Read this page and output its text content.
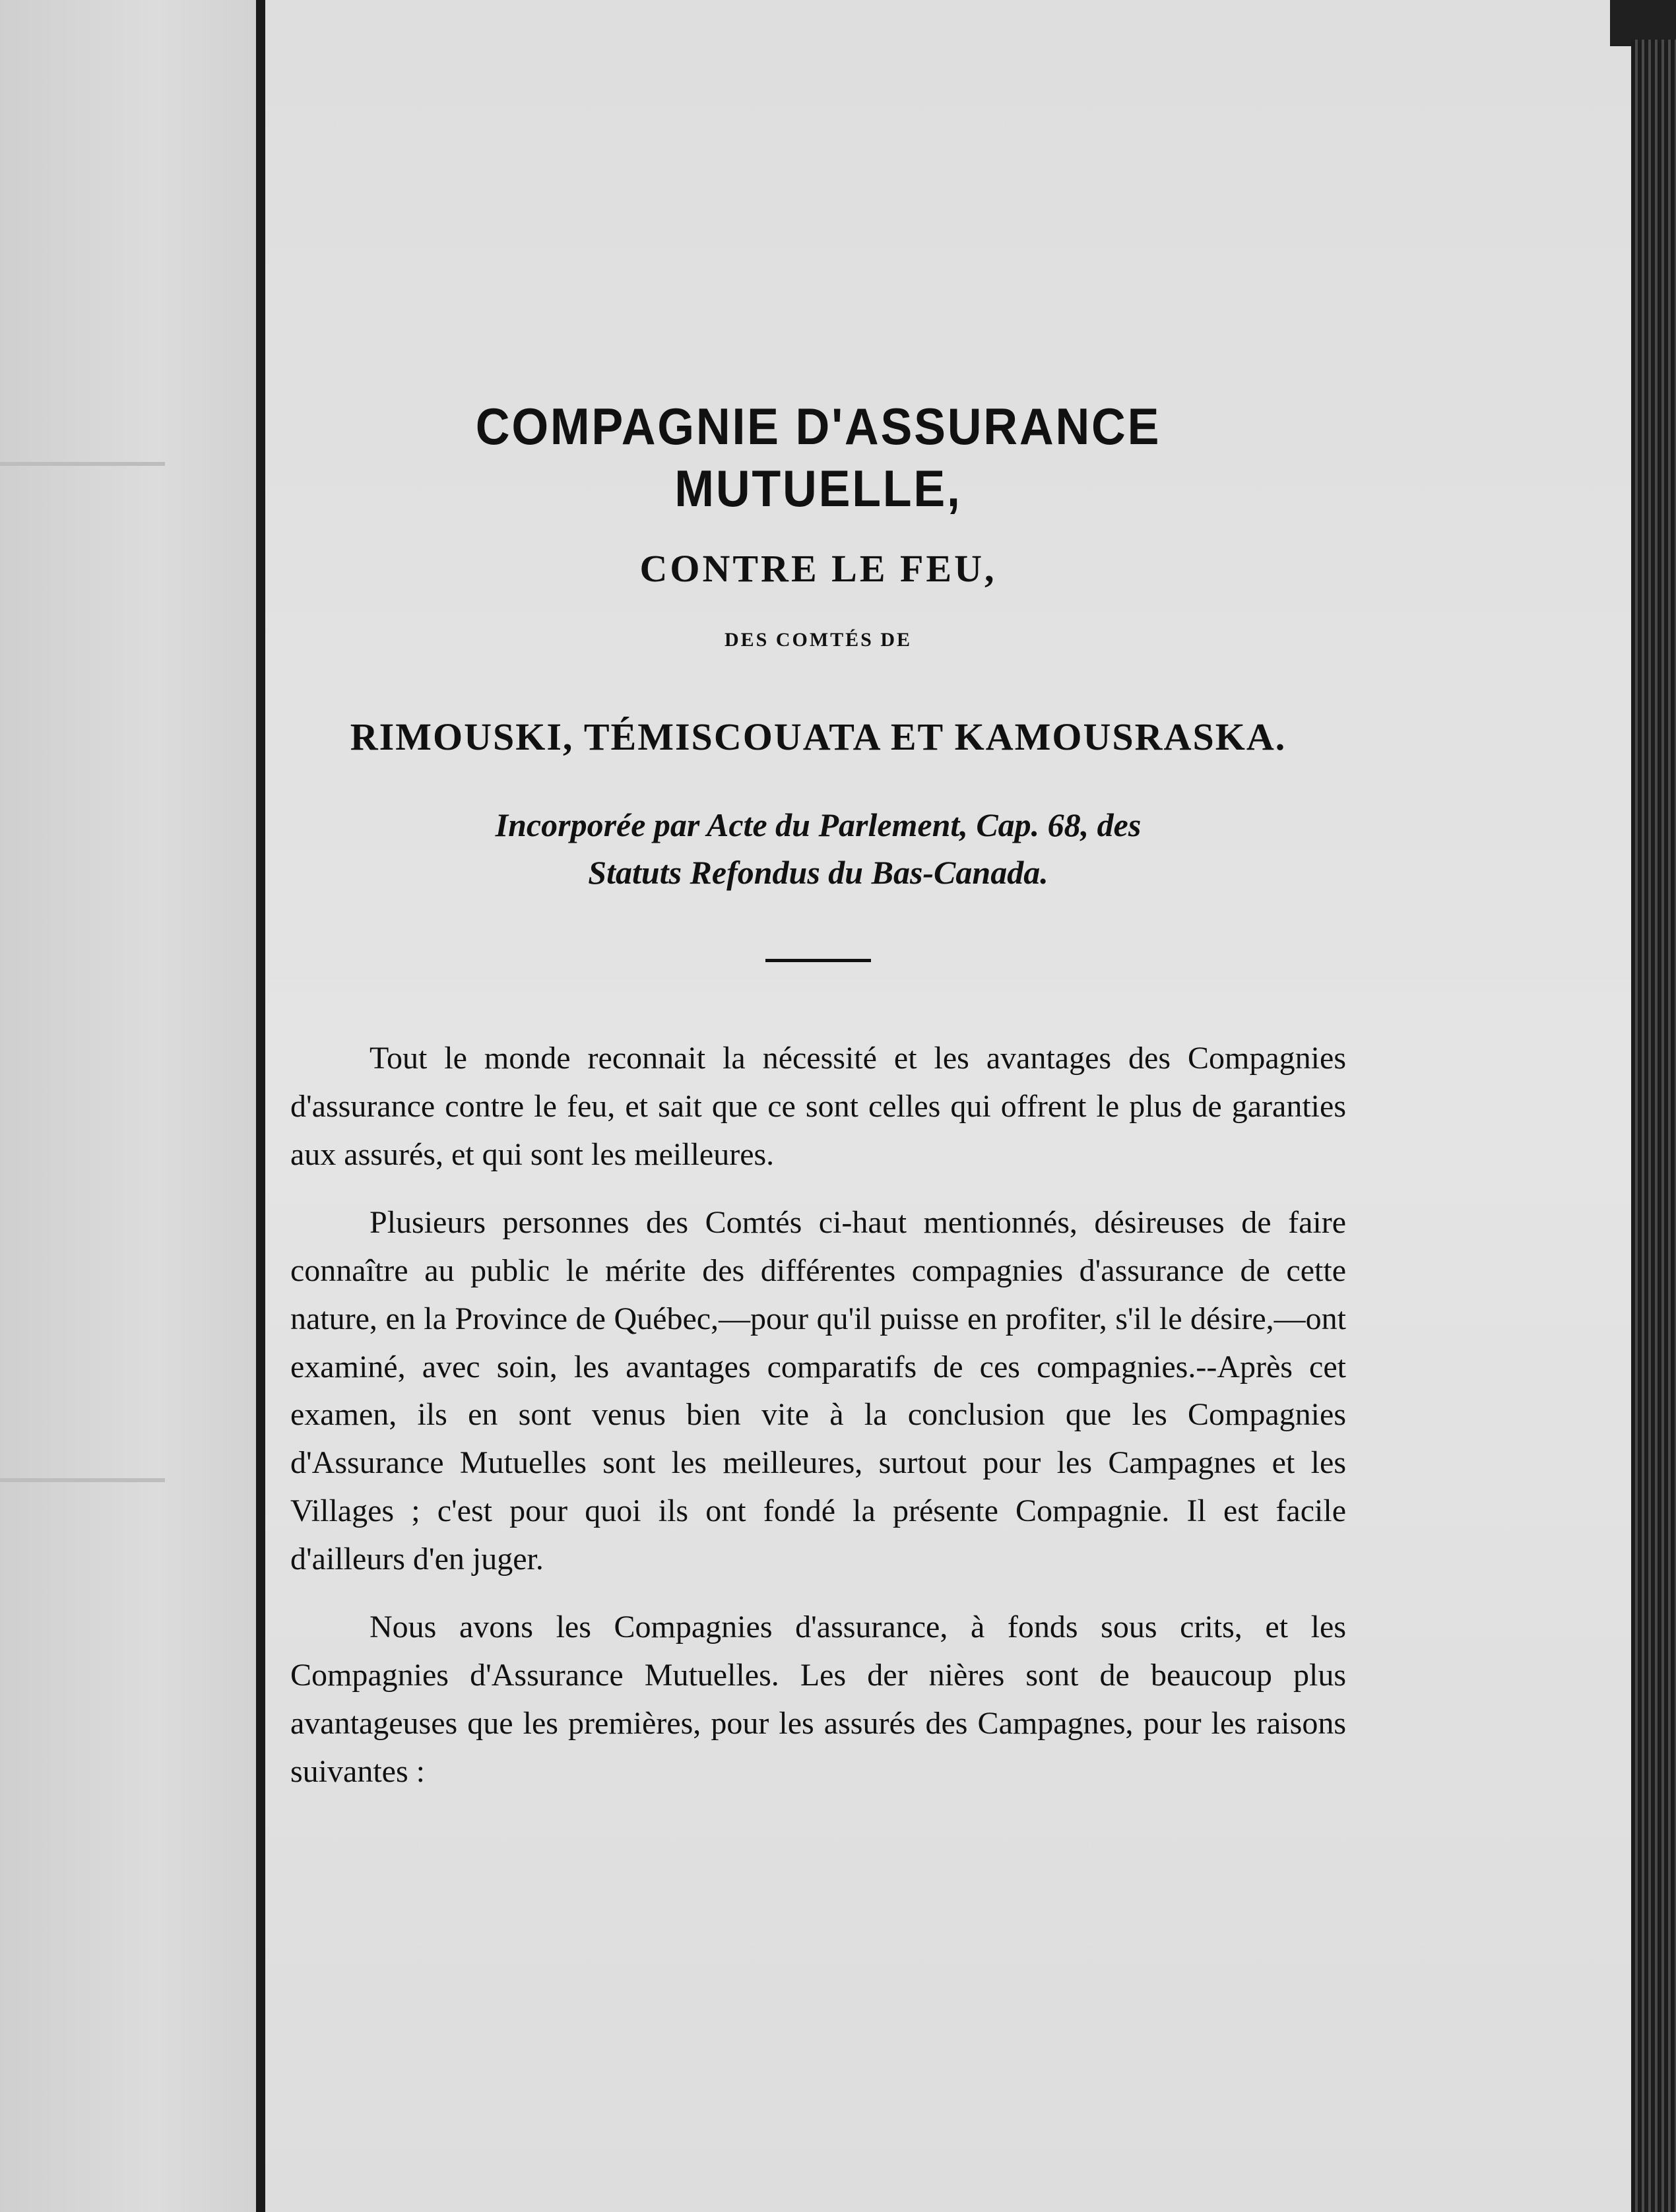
COMPAGNIE D'ASSURANCE MUTUELLE,
CONTRE LE FEU,
DES COMTÉS DE
RIMOUSKI, TÉMISCOUATA ET KAMOUSRASKA.
Incorporée par Acte du Parlement, Cap. 68, des
Statuts Refondus du Bas-Canada.

Tout le monde reconnait la nécessité et les avantages des Compagnies d'assurance contre le feu, et sait que ce sont celles qui offrent le plus de garanties aux assurés, et qui sont les meilleures.

Plusieurs personnes des Comtés ci-haut mentionnés, désireuses de faire connaître au public le mérite des différentes compagnies d'assurance de cette nature, en la Province de Québec,—pour qu'il puisse en profiter, s'il le désire,—ont examiné, avec soin, les avantages comparatifs de ces compagnies.--Après cet examen, ils en sont venus bien vite à la conclusion que les Compagnies d'Assurance Mutuelles sont les meilleures, surtout pour les Campagnes et les Villages ; c'est pour quoi ils ont fondé la présente Compagnie. Il est facile d'ailleurs d'en juger.

Nous avons les Compagnies d'assurance, à fonds sous crits, et les Compagnies d'Assurance Mutuelles. Les der nières sont de beaucoup plus avantageuses que les premières, pour les assurés des Campagnes, pour les raisons suivantes :
